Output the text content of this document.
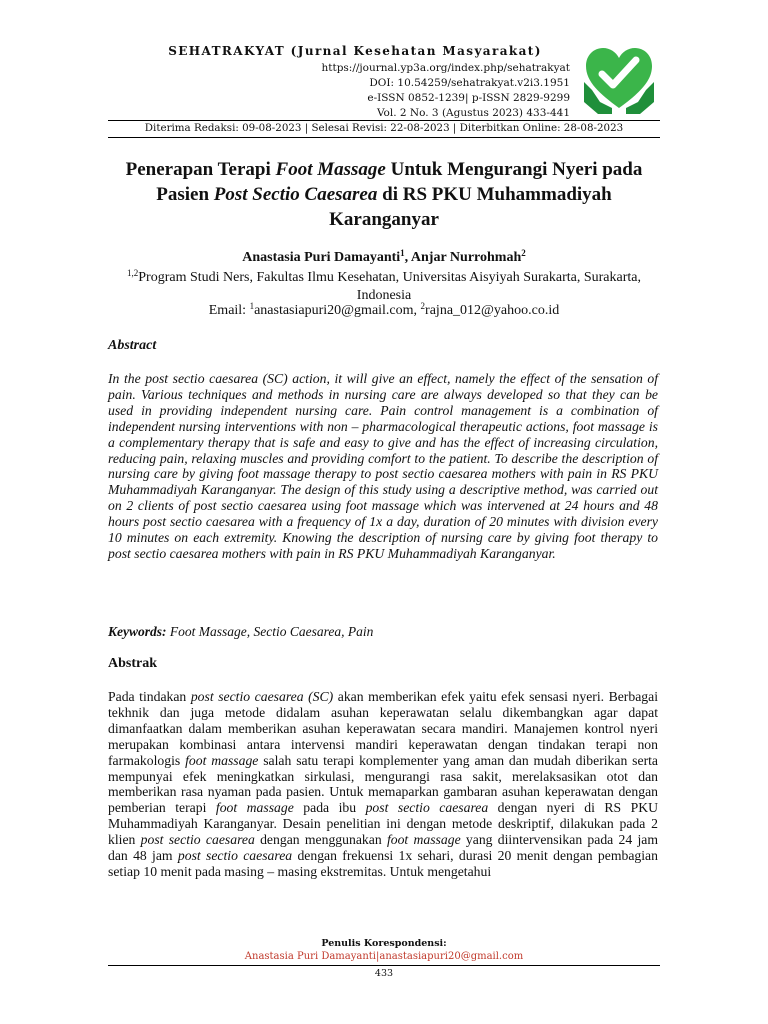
SEHATRAKYAT (Jurnal Kesehatan Masyarakat)
https://journal.yp3a.org/index.php/sehatrakyat
DOI: 10.54259/sehatrakyat.v2i3.1951
e-ISSN 0852-1239| p-ISSN 2829-9299
Vol. 2 No. 3 (Agustus 2023) 433-441
Diterima Redaksi: 09-08-2023 | Selesai Revisi: 22-08-2023 | Diterbitkan Online: 28-08-2023
Penerapan Terapi Foot Massage Untuk Mengurangi Nyeri pada Pasien Post Sectio Caesarea di RS PKU Muhammadiyah Karanganyar
Anastasia Puri Damayanti$^1$, Anjar Nurrohmah$^2$
$^{1,2}$Program Studi Ners, Fakultas Ilmu Kesehatan, Universitas Aisyiyah Surakarta, Surakarta, Indonesia
Email: $^1$anastasiapuri20@gmail.com, $^2$rajna_012@yahoo.co.id
Abstract

In the post sectio caesarea (SC) action, it will give an effect, namely the effect of the sensation of pain. Various techniques and methods in nursing care are always developed so that they can be used in providing independent nursing care. Pain control management is a combination of independent nursing interventions with non – pharmacological therapeutic actions, foot massage is a complementary therapy that is safe and easy to give and has the effect of increasing circulation, reducing pain, relaxing muscles and providing comfort to the patient. To describe the description of nursing care by giving foot massage therapy to post sectio caesarea mothers with pain in RS PKU Muhammadiyah Karanganyar. The design of this study using a descriptive method, was carried out on 2 clients of post sectio caesarea using foot massage which was intervened at 24 hours and 48 hours post sectio caesarea with a frequency of 1x a day, duration of 20 minutes with division every 10 minutes on each extremity. Knowing the description of nursing care by giving foot therapy to post sectio caesarea mothers with pain in RS PKU Muhammadiyah Karanganyar.

Keywords: Foot Massage, Sectio Caesarea, Pain
Abstrak

Pada tindakan post sectio caesarea (SC) akan memberikan efek yaitu efek sensasi nyeri. Berbagai tekhnik dan juga metode didalam asuhan keperawatan selalu dikembangkan agar dapat dimanfaatkan dalam memberikan asuhan keperawatan secara mandiri. Manajemen kontrol nyeri merupakan kombinasi antara intervensi mandiri keperawatan dengan tindakan terapi non farmakologis foot massage salah satu terapi komplementer yang aman dan mudah diberikan serta mempunyai efek meningkatkan sirkulasi, mengurangi rasa sakit, merelaksasikan otot dan memberikan rasa nyaman pada pasien. Untuk memaparkan gambaran asuhan keperawatan dengan pemberian terapi foot massage pada ibu post sectio caesarea dengan nyeri di RS PKU Muhammadiyah Karanganyar. Desain penelitian ini dengan metode deskriptif, dilakukan pada 2 klien post sectio caesarea dengan menggunakan foot massage yang diintervensikan pada 24 jam dan 48 jam post sectio caesarea dengan frekuensi 1x sehari, durasi 20 menit dengan pembagian setiap 10 menit pada masing – masing ekstremitas. Untuk mengetahui

Penulis Korespondensi:
Anastasia Puri Damayanti|anastasiapuri20@gmail.com
433
